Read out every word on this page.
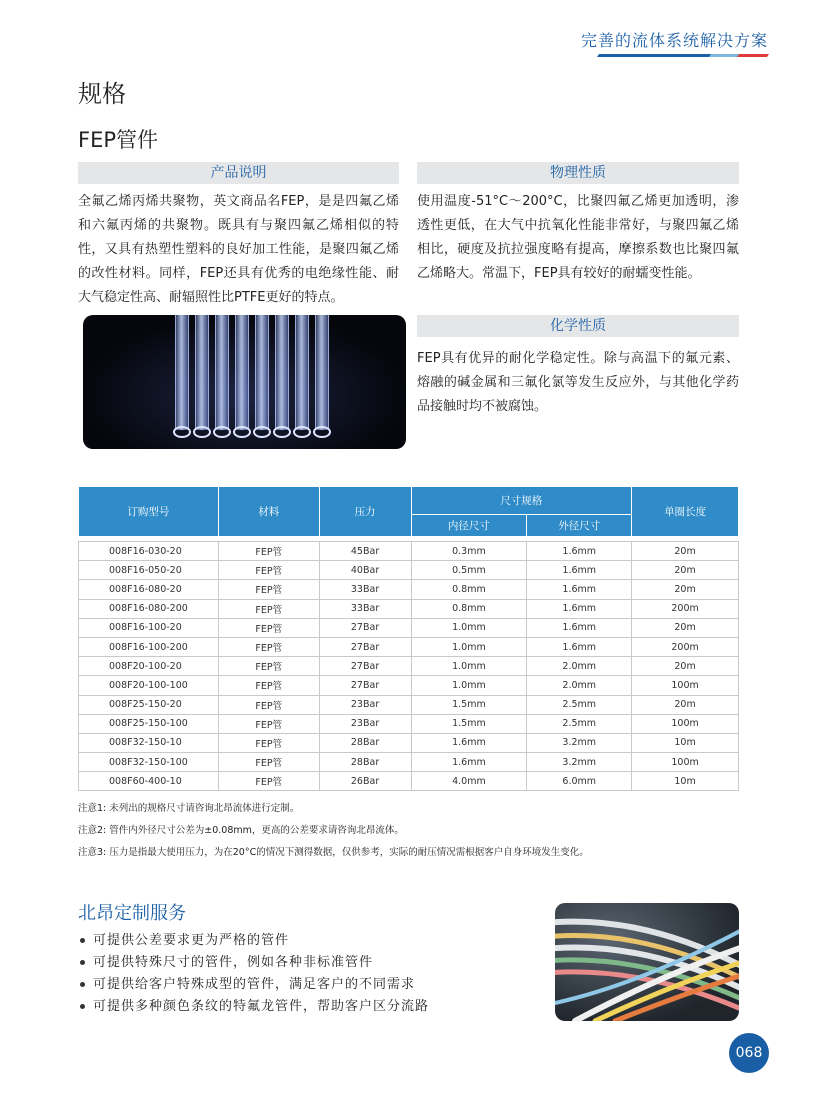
完善的流体系统解决方案
规格
FEP管件
产品说明
全氟乙烯丙烯共聚物，英文商品名FEP，是是四氟乙烯和六氟丙烯的共聚物。既具有与聚四氟乙烯相似的特性，又具有热塑性塑料的良好加工性能，是聚四氟乙烯的改性材料。同样，FEP还具有优秀的电绝缘性能、耐大气稳定性高、耐辐照性比PTFE更好的特点。
物理性质
使用温度-51°C～200°C，比聚四氟乙烯更加透明，渗透性更低，在大气中抗氧化性能非常好，与聚四氟乙烯相比，硬度及抗拉强度略有提高，摩擦系数也比聚四氟乙烯略大。常温下，FEP具有较好的耐蠕变性能。
化学性质
FEP具有优异的耐化学稳定性。除与高温下的氟元素、熔融的碱金属和三氟化氯等发生反应外，与其他化学药品接触时均不被腐蚀。
订购型号	材料	压力	尺寸规格		单圈长度
			内径尺寸	外径尺寸	

008F16-030-20	FEP管	45Bar	0.3mm	1.6mm	20m
008F16-050-20	FEP管	40Bar	0.5mm	1.6mm	20m
008F16-080-20	FEP管	33Bar	0.8mm	1.6mm	20m
008F16-080-200	FEP管	33Bar	0.8mm	1.6mm	200m
008F16-100-20	FEP管	27Bar	1.0mm	1.6mm	20m
008F16-100-200	FEP管	27Bar	1.0mm	1.6mm	200m
008F20-100-20	FEP管	27Bar	1.0mm	2.0mm	20m
008F20-100-100	FEP管	27Bar	1.0mm	2.0mm	100m
008F25-150-20	FEP管	23Bar	1.5mm	2.5mm	20m
008F25-150-100	FEP管	23Bar	1.5mm	2.5mm	100m
008F32-150-10	FEP管	28Bar	1.6mm	3.2mm	10m
008F32-150-100	FEP管	28Bar	1.6mm	3.2mm	100m
008F60-400-10	FEP管	26Bar	4.0mm	6.0mm	10m
注意1: 未列出的规格尺寸请咨询北昂流体进行定制。
注意2: 管件内外径尺寸公差为±0.08mm，更高的公差要求请咨询北昂流体。
注意3: 压力是指最大使用压力，为在20°C的情况下测得数据，仅供参考，实际的耐压情况需根据客户自身环境发生变化。
北昂定制服务
可提供公差要求更为严格的管件
可提供特殊尺寸的管件，例如各种非标准管件
可提供给客户特殊成型的管件，满足客户的不同需求
可提供多种颜色条纹的特氟龙管件，帮助客户区分流路
068
